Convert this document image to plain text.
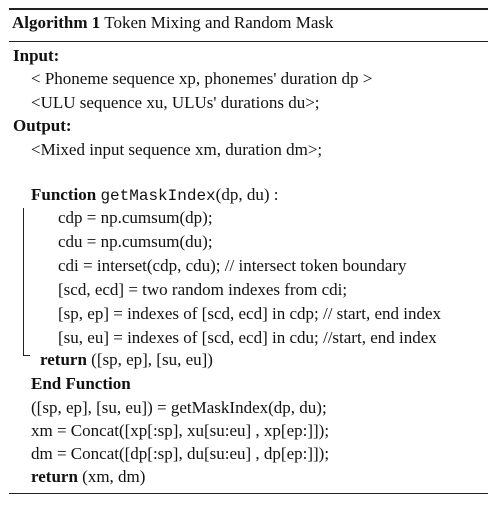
Algorithm 1 Token Mixing and Random Mask
Input:
< Phoneme sequence xp, phonemes' duration dp >
<ULU sequence xu, ULUs' durations du>;
Output:
<Mixed input sequence xm, duration dm>;
Function getMaskIndex(dp, du) :
cdp = np.cumsum(dp);
cdu = np.cumsum(du);
cdi = interset(cdp, cdu); // intersect token boundary
[scd, ecd] = two random indexes from cdi;
[sp, ep] = indexes of [scd, ecd] in cdp; // start, end index
[su, eu] = indexes of [scd, ecd] in cdu; //start, end index
return ([sp, ep], [su, eu])
End Function
([sp, ep], [su, eu]) = getMaskIndex(dp, du);
xm = Concat([xp[:sp], xu[su:eu] , xp[ep:]]);
dm = Concat([dp[:sp], du[su:eu] , dp[ep:]]);
return (xm, dm)
